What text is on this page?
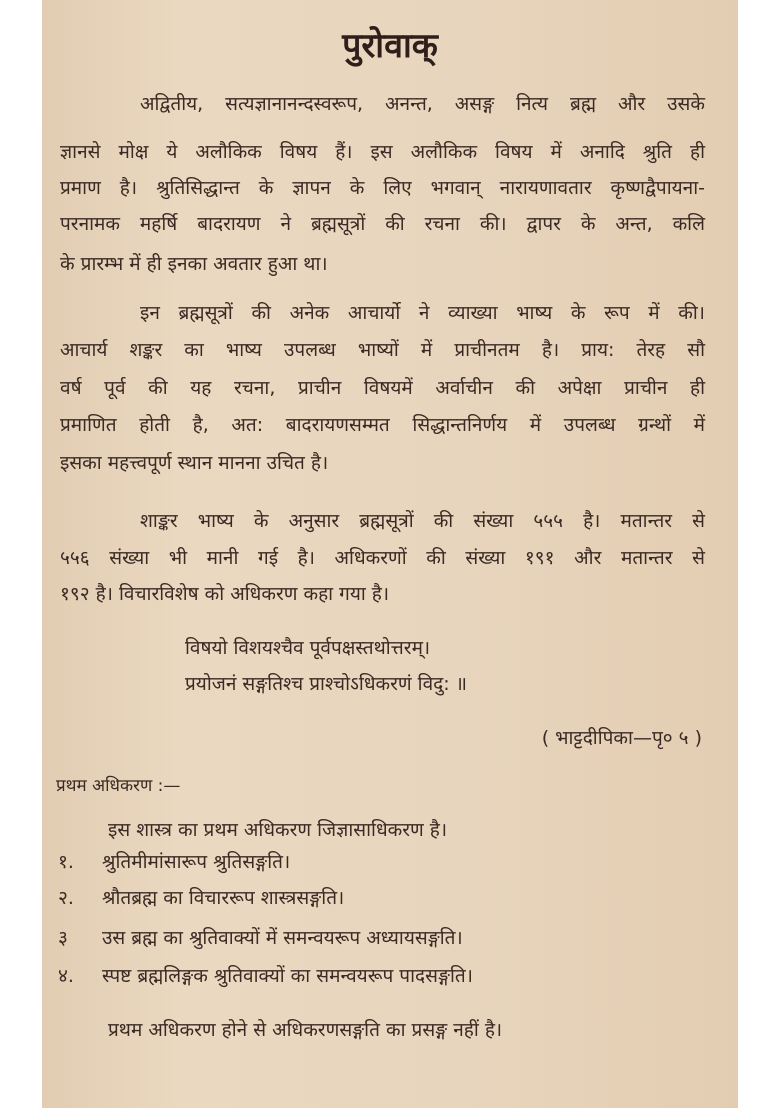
पुरोवाक्
अद्वितीय, सत्यज्ञानानन्दस्वरूप, अनन्त, असङ्ग नित्य ब्रह्म और उसके
ज्ञानसे मोक्ष ये अलौकिक विषय हैं। इस अलौकिक विषय में अनादि श्रुति ही
प्रमाण है। श्रुतिसिद्धान्त के ज्ञापन के लिए भगवान् नारायणावतार कृष्णद्वैपायना-
परनामक महर्षि बादरायण ने ब्रह्मसूत्रों की रचना की। द्वापर के अन्त, कलि
के प्रारम्भ में ही इनका अवतार हुआ था।
इन ब्रह्मसूत्रों की अनेक आचार्यो ने व्याख्या भाष्य के रूप में की।
आचार्य शङ्कर का भाष्य उपलब्ध भाष्यों में प्राचीनतम है। प्राय: तेरह सौ
वर्ष पूर्व की यह रचना, प्राचीन विषयमें अर्वाचीन की अपेक्षा प्राचीन ही
प्रमाणित होती है, अत: बादरायणसम्मत सिद्धान्तनिर्णय में उपलब्ध ग्रन्थों में
इसका महत्त्वपूर्ण स्थान मानना उचित है।
शाङ्कर भाष्य के अनुसार ब्रह्मसूत्रों की संख्या ५५५ है। मतान्तर से
५५६ संख्या भी मानी गई है। अधिकरणों की संख्या १९१ और मतान्तर से
१९२ है। विचारविशेष को अधिकरण कहा गया है।
विषयो विशयश्चैव पूर्वपक्षस्तथोत्तरम्।
प्रयोजनं सङ्गतिश्च प्राश्चोऽधिकरणं विदु: ॥
( भाट्टदीपिका—पृ० ५ )
प्रथम अधिकरण :—
इस शास्त्र का प्रथम अधिकरण जिज्ञासाधिकरण है।
१. श्रुतिमीमांसारूप श्रुतिसङ्गति।
२. श्रौतब्रह्म का विचाररूप शास्त्रसङ्गति।
३ उस ब्रह्म का श्रुतिवाक्यों में समन्वयरूप अध्यायसङ्गति।
४. स्पष्ट ब्रह्मलिङ्गक श्रुतिवाक्यों का समन्वयरूप पादसङ्गति।
प्रथम अधिकरण होने से अधिकरणसङ्गति का प्रसङ्ग नहीं है।
